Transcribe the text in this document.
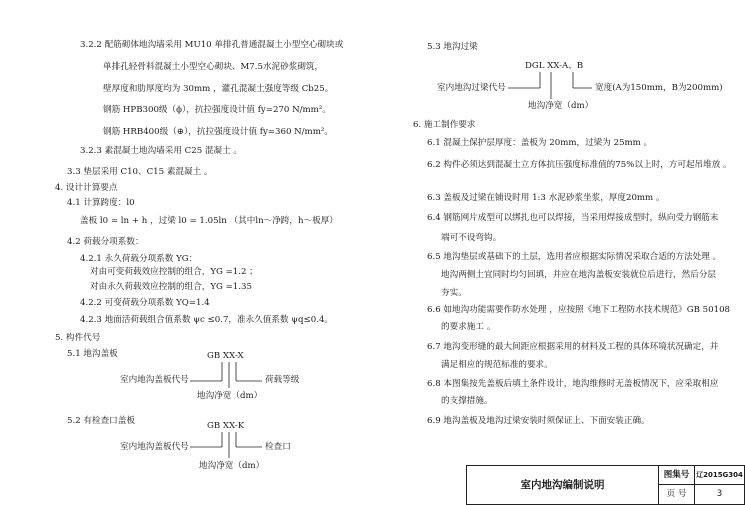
3.2.2 配筋砌体地沟墙采用 MU10 单排孔普通混凝土小型空心砌块或
单排孔轻骨料混凝土小型空心砌块、M7.5水泥砂浆砌筑，
壁厚度和肋厚度均为 30mm ，灌孔混凝土强度等级 Cb25。
钢筋 HPB300级（ϕ），抗拉强度设计值 fy=270 N/mm²。
钢筋 HRB400级（⊕），抗拉强度设计值 fy=360 N/mm²。
3.2.3 素混凝土地沟墙采用 C25 混凝土 。
3.3 垫层采用 C10、C15 素混凝土 。
4. 设计计算要点
4.1 计算跨度：l0
盖板 l0 = ln + h ，过梁 l0 = 1.05ln （其中ln～净跨，h～板厚）
4.2 荷载分项系数：
4.2.1 永久荷载分项系数 YG：
对由可变荷载效应控制的组合，YG =1.2 ；
对由永久荷载效应控制的组合，YG =1.35
4.2.2 可变荷载分项系数 YQ=1.4
4.2.3 地面活荷载组合值系数 ψc ≤0.7，准永久值系数 ψq≤0.4。
5. 构件代号
5.1 地沟盖板	GB XX-X
室内地沟盖板代号	荷载等级
地沟净宽（dm）
5.2 有检查口盖板	GB XX-K
室内地沟盖板代号	检查口
地沟净宽（dm）
5.3 地沟过梁
DGL XX-A、B
室内地沟过梁代号	宽度(A为150mm，B为200mm)
地沟净宽（dm）
6. 施工制作要求
6.1 混凝土保护层厚度：盖板为 20mm，过梁为 25mm 。
6.2 构件必须达到混凝土立方体抗压强度标准值的75%以上时，方可起吊堆放 。
6.3 盖板及过梁在铺设时用 1:3 水泥砂浆坐浆，厚度20mm 。
6.4 钢筋网片成型可以绑扎也可以焊接，当采用焊接成型时，纵向受力钢筋末
端可不设弯钩。
6.5 地沟垫层或基础下的土层，选用者应根据实际情况采取合适的方法处理 。
地沟两侧土宜同时均匀回填，并应在地沟盖板安装就位后进行，然后分层
夯实。
6.6 如地沟功能需要作防水处理 ，应按照《地下工程防水技术规范》GB 50108
的要求施工 。
6.7 地沟变形缝的最大间距应根据采用的材料及工程的具体环境状况确定，并
满足相应的规范标准的要求。
6.8 本图集按先盖板后填土条件设计，地沟维修时无盖板情况下，应采取相应
的支撑措施。
6.9 地沟盖板及地沟过梁安装时须保证上、下面安装正确。
室内地沟编制说明
图集号 辽2015G304
页 号	3
